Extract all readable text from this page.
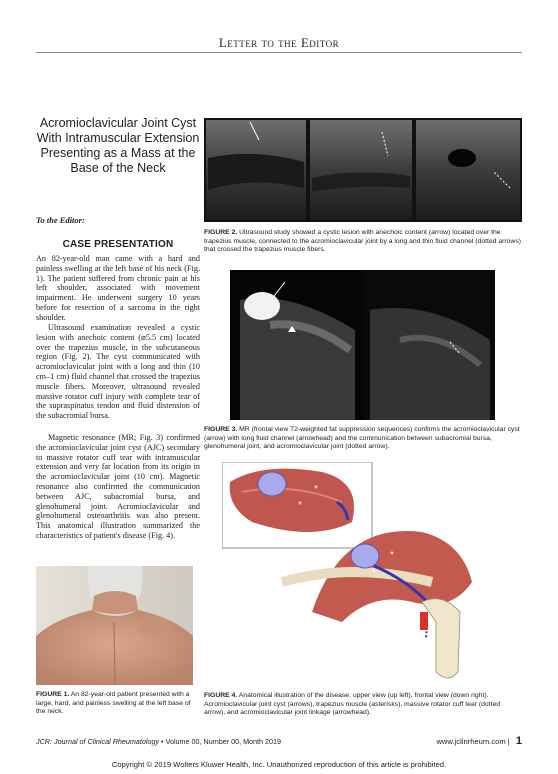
Letter to the Editor
Acromioclavicular Joint Cyst With Intramuscular Extension Presenting as a Mass at the Base of the Neck
To the Editor:
CASE PRESENTATION
An 82-year-old man came with a hard and painless swelling at the left base of his neck (Fig. 1). The patient suffered from chronic pain at his left shoulder, associated with movement impairment. He underwent surgery 10 years before for resection of a sarcoma in the right shoulder.
Ultrasound examination revealed a cystic lesion with anechoic content (⌀5.5 cm) located over the trapezius muscle, in the subcutaneous region (Fig. 2). The cyst communicated with acromioclavicular joint with a long and thin (10 cm–1 cm) fluid channel that crossed the trapezius muscle fibers. Moreover, ultrasound revealed massive rotator cuff injury with complete tear of the supraspinatus tendon and fluid distension of the subacromial bursa.
Magnetic resonance (MR; Fig. 3) confirmed the acromioclavicular joint cyst (AJC) secondary to massive rotator cuff tear with intramuscular extension and very far location from its origin in the acromioclavicular joint (10 cm). Magnetic resonance also confirmed the communication between AJC, subacromial bursa, and glenohumeral joint. Acromioclavicular and glenohumeral osteoarthritis was also present. This anatomical illustration summarized the characteristics of patient's disease (Fig. 4).
FIGURE 1. An 82-year-old patient presented with a large, hard, and painless swelling at the left base of the neck.
FIGURE 2. Ultrasound study showed a cystic lesion with anechoic content (arrow) located over the trapezius muscle, connected to the acromioclavicular joint by a long and thin fluid channel (dotted arrows) that crossed the trapezius muscle fibers.
FIGURE 3. MR (frontal view T2-weighted fat suppression sequences) confirms the acromioclavicular cyst (arrow) with long fluid channel (arrowhead) and the communication between subacromial bursa, glenohumeral joint, and acromioclavicular joint (dotted arrow).
*
*
*
*
FIGURE 4. Anatomical illustration of the disease; upper view (up left), frontal view (down right). Acromioclavicular joint cyst (arrows), trapezius muscle (asterisks), massive rotator cuff tear (dotted arrow), and acromioclavicular joint linkage (arrowhead).
JCR: Journal of Clinical Rheumatology • Volume 00, Number 00, Month 2019	www.jclinrheum.com | 1
Copyright © 2019 Wolters Kluwer Health, Inc. Unauthorized reproduction of this article is prohibited.
